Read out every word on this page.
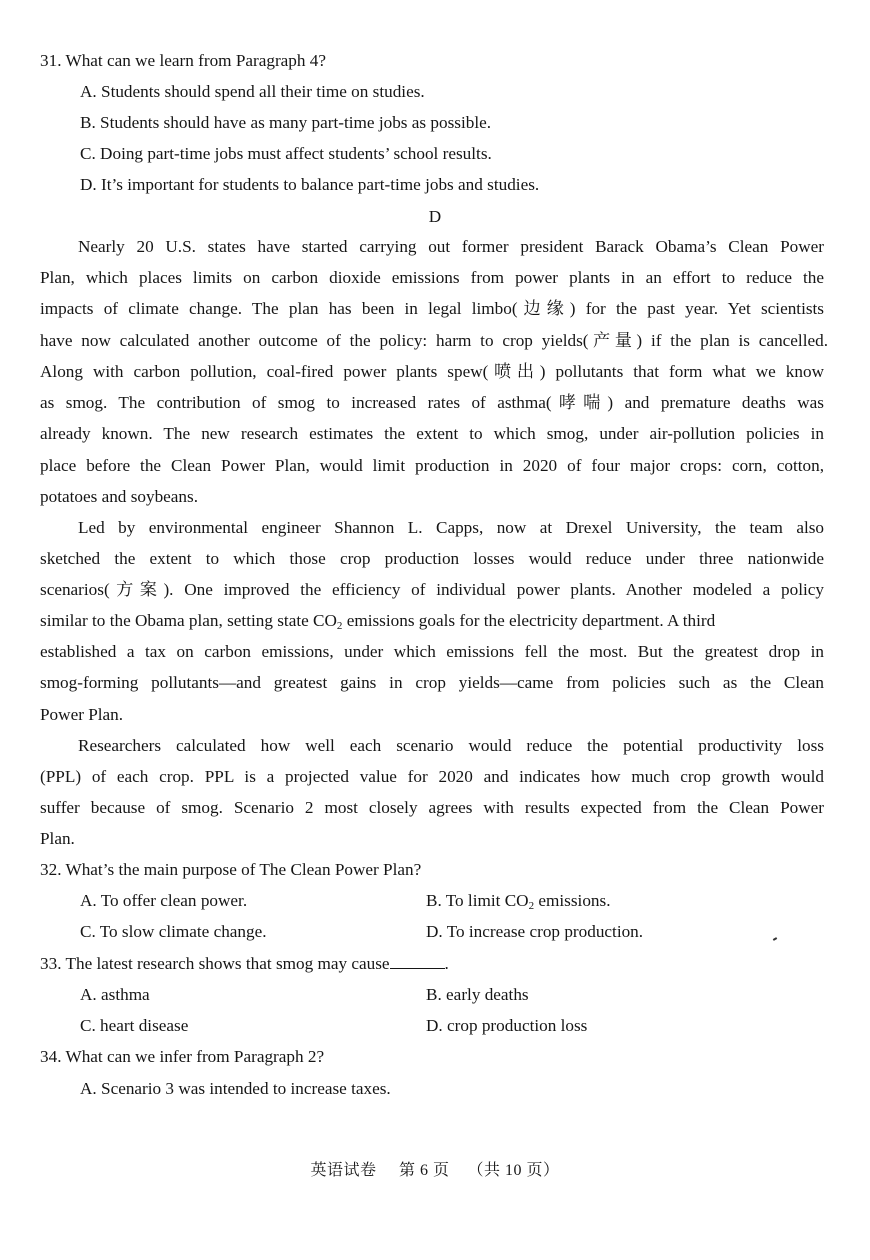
31. What can we learn from Paragraph 4?
A. Students should spend all their time on studies.
B. Students should have as many part-time jobs as possible.
C. Doing part-time jobs must affect students’ school results.
D. It’s important for students to balance part-time jobs and studies.
D
Nearly 20 U.S. states have started carrying out former president Barack Obama’s Clean Power
Plan, which places limits on carbon dioxide emissions from power plants in an effort to reduce the
impacts of climate change. The plan has been in legal limbo(边缘) for the past year. Yet scientists
have now calculated another outcome of the policy: harm to crop yields(产量) if the plan is cancelled.
Along with carbon pollution, coal-fired power plants spew(喷出) pollutants that form what we know
as smog. The contribution of smog to increased rates of asthma(哮喘) and premature deaths was
already known. The new research estimates the extent to which smog, under air-pollution policies in
place before the Clean Power Plan, would limit production in 2020 of four major crops: corn, cotton,
potatoes and soybeans.
Led by environmental engineer Shannon L. Capps, now at Drexel University, the team also
sketched the extent to which those crop production losses would reduce under three nationwide
scenarios(方案). One improved the efficiency of individual power plants. Another modeled a policy
similar to the Obama plan, setting state $CO_2$ emissions goals for the electricity department. A third
established a tax on carbon emissions, under which emissions fell the most. But the greatest drop in
smog-forming pollutants—and greatest gains in crop yields—came from policies such as the Clean
Power Plan.
Researchers calculated how well each scenario would reduce the potential productivity loss
(PPL) of each crop. PPL is a projected value for 2020 and indicates how much crop growth would
suffer because of smog. Scenario 2 most closely agrees with results expected from the Clean Power
Plan.
32. What’s the main purpose of The Clean Power Plan?
A. To offer clean power.	B. To limit $CO_2$ emissions.
C. To slow climate change.	D. To increase crop production.
33. The latest research shows that smog may cause	.
A. asthma	B. early deaths
C. heart disease	D. crop production loss
34. What can we infer from Paragraph 2?
A. Scenario 3 was intended to increase taxes.
英语试卷 第 6 页 （共 10 页）
